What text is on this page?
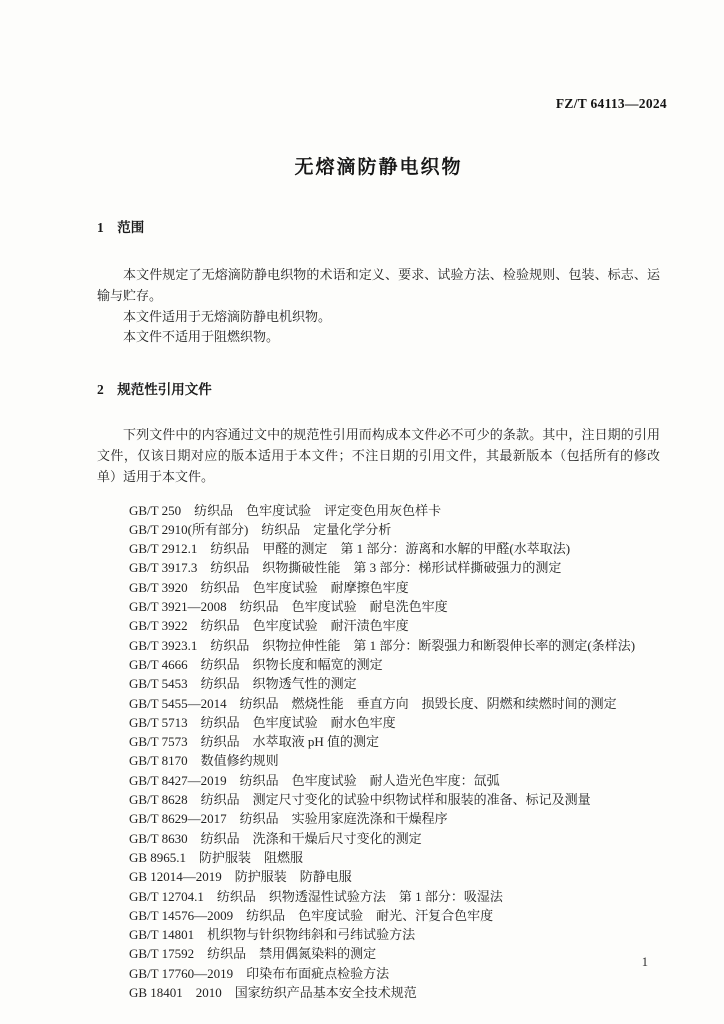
FZ/T 64113—2024
无熔滴防静电织物
1　范围

本文件规定了无熔滴防静电织物的术语和定义、要求、试验方法、检验规则、包装、标志、运输与贮存。

本文件适用于无熔滴防静电机织物。

本文件不适用于阻燃织物。

2　规范性引用文件

下列文件中的内容通过文中的规范性引用而构成本文件必不可少的条款。其中，注日期的引用文件，仅该日期对应的版本适用于本文件；不注日期的引用文件，其最新版本（包括所有的修改单）适用于本文件。

GB/T 250　纺织品　色牢度试验　评定变色用灰色样卡
GB/T 2910(所有部分)　纺织品　定量化学分析
GB/T 2912.1　纺织品　甲醛的测定　第 1 部分：游离和水解的甲醛(水萃取法)
GB/T 3917.3　纺织品　织物撕破性能　第 3 部分：梯形试样撕破强力的测定
GB/T 3920　纺织品　色牢度试验　耐摩擦色牢度
GB/T 3921—2008　纺织品　色牢度试验　耐皂洗色牢度
GB/T 3922　纺织品　色牢度试验　耐汗渍色牢度
GB/T 3923.1　纺织品　织物拉伸性能　第 1 部分：断裂强力和断裂伸长率的测定(条样法)
GB/T 4666　纺织品　织物长度和幅宽的测定
GB/T 5453　纺织品　织物透气性的测定
GB/T 5455—2014　纺织品　燃烧性能　垂直方向　损毁长度、阴燃和续燃时间的测定
GB/T 5713　纺织品　色牢度试验　耐水色牢度
GB/T 7573　纺织品　水萃取液 pH 值的测定
GB/T 8170　数值修约规则
GB/T 8427—2019　纺织品　色牢度试验　耐人造光色牢度：氙弧
GB/T 8628　纺织品　测定尺寸变化的试验中织物试样和服装的准备、标记及测量
GB/T 8629—2017　纺织品　实验用家庭洗涤和干燥程序
GB/T 8630　纺织品　洗涤和干燥后尺寸变化的测定
GB 8965.1　防护服装　阻燃服
GB 12014—2019　防护服装　防静电服
GB/T 12704.1　纺织品　织物透湿性试验方法　第 1 部分：吸湿法
GB/T 14576—2009　纺织品　色牢度试验　耐光、汗复合色牢度
GB/T 14801　机织物与针织物纬斜和弓纬试验方法
GB/T 17592　纺织品　禁用偶氮染料的测定
GB/T 17760—2019　印染布布面疵点检验方法
GB 18401　2010　国家纺织产品基本安全技术规范
1
